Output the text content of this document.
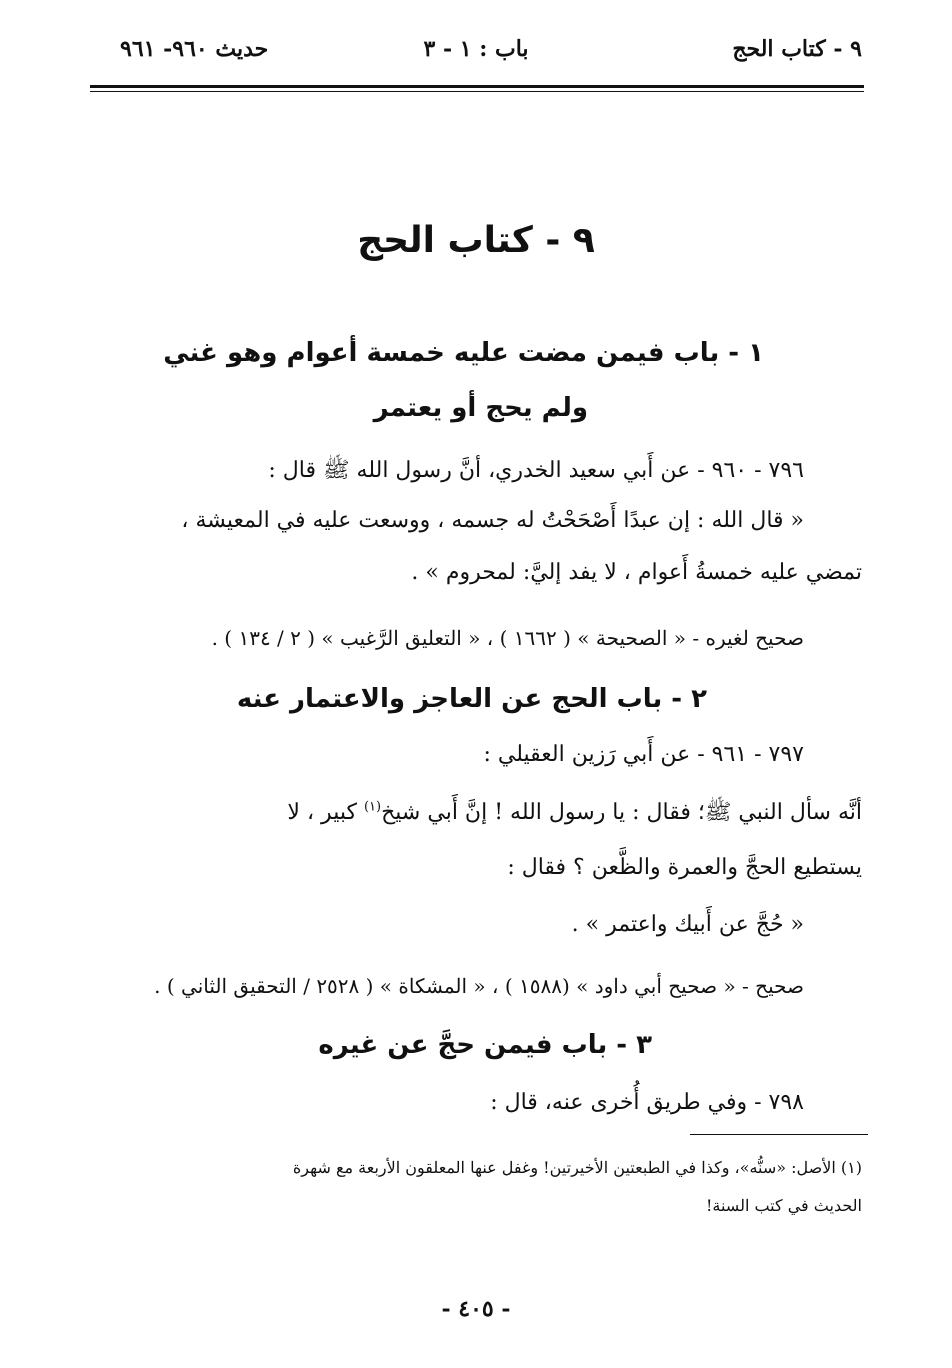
٩ - كتاب الحج
باب : ١ - ٣
حديث ٩٦٠- ٩٦١
٩ - كتاب الحج
١ - باب فيمن مضت عليه خمسة أعوام وهو غني
ولم يحج أو يعتمر
٧٩٦ - ٩٦٠ - عن أَبي سعيد الخدري، أنَّ رسول الله ﷺ قال :
« قال الله : إن عبدًا أَصْحَحْتُ له جسمه ، ووسعت عليه في المعيشة ،
تمضي عليه خمسةُ أَعوام ، لا يفد إليَّ: لمحروم » .
صحيح لغيره - « الصحيحة » ( ١٦٦٢ ) ، « التعليق الرَّغيب » ( ٢ / ١٣٤ ) .
٢ - باب الحج عن العاجز والاعتمار عنه
٧٩٧ - ٩٦١ - عن أَبي رَزين العقيلي :
أنَّه سأل النبي ﷺ؛ فقال : يا رسول الله ! إنَّ أَبي شيخ$^{(١)}$ كبير ، لا
يستطيع الحجَّ والعمرة والظَّعن ؟ فقال :
« حُجَّ عن أَبيك واعتمر » .
صحيح - « صحيح أبي داود » (١٥٨٨ ) ، « المشكاة » ( ٢٥٢٨ / التحقيق الثاني ) .
٣ - باب فيمن حجَّ عن غيره
٧٩٨ - وفي طريق أُخرى عنه، قال :
(١) الأصل: «سنُّه»، وكذا في الطبعتين الأخيرتين! وغفل عنها المعلقون الأربعة مع شهرة
الحديث في كتب السنة!
- ٤٠٥ -
